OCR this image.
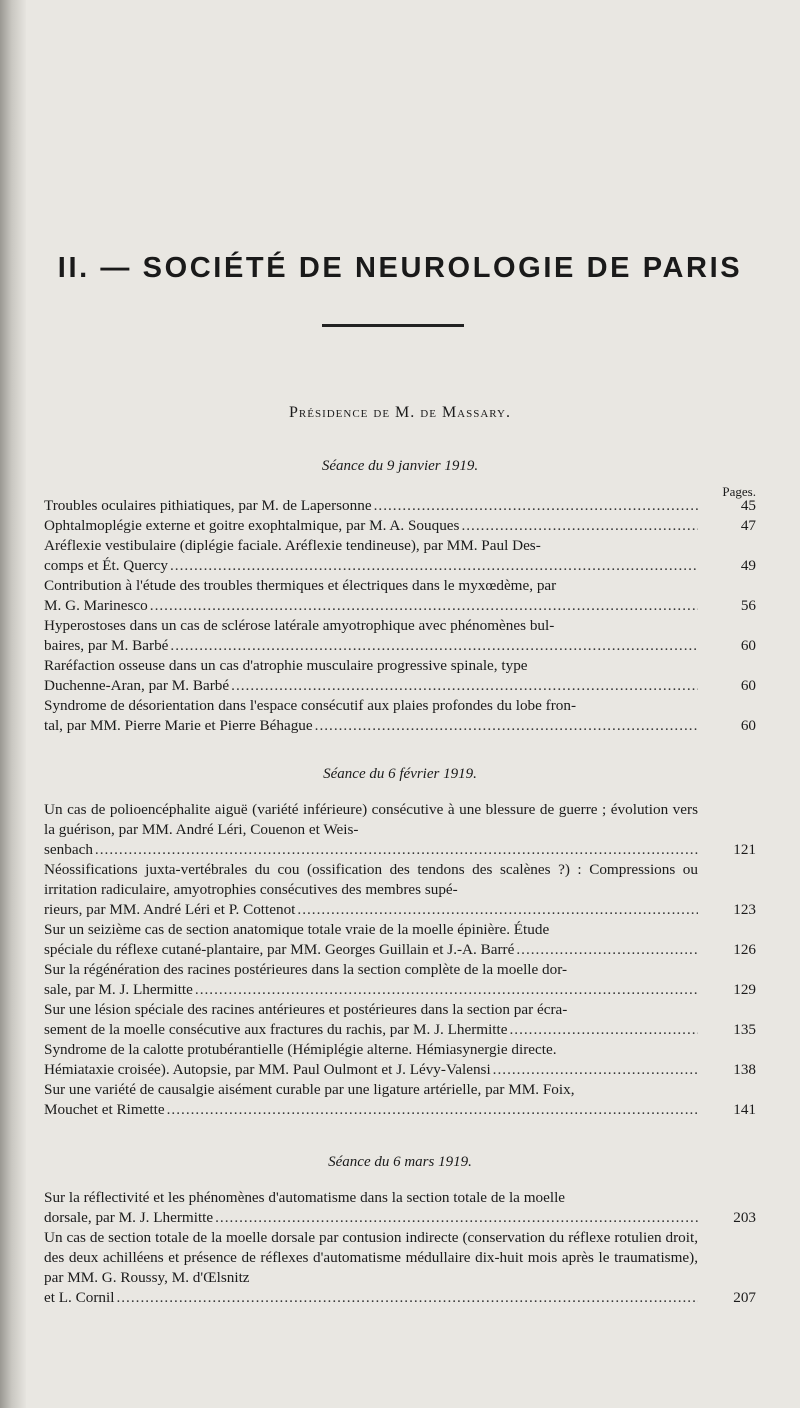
II. — SOCIÉTÉ DE NEUROLOGIE DE PARIS
Présidence de M. de Massary.
Séance du 9 janvier 1919.
Pages.
Troubles oculaires pithiatiques, par M. de Lapersonne .....	45
Ophtalmoplégie externe et goitre exophtalmique, par M. A. Souques .....	47
Aréflexie vestibulaire (diplégie faciale. Aréflexie tendineuse), par MM. Paul Des-
comps et Ét. Quercy .....	49
Contribution à l'étude des troubles thermiques et électriques dans le myxœdème, par
M. G. Marinesco .....	56
Hyperostoses dans un cas de sclérose latérale amyotrophique avec phénomènes bul-
baires, par M. Barbé .....	60
Raréfaction osseuse dans un cas d'atrophie musculaire progressive spinale, type
Duchenne-Aran, par M. Barbé .....	60
Syndrome de désorientation dans l'espace consécutif aux plaies profondes du lobe fron-
tal, par MM. Pierre Marie et Pierre Béhague .....	60
Séance du 6 février 1919.
Un cas de polioencéphalite aiguë (variété inférieure) consécutive à une blessure de guerre ; évolution vers la guérison, par MM. André Léri, Couenon et Weis-
senbach .....	121
Néossifications juxta-vertébrales du cou (ossification des tendons des scalènes ?) : Compressions ou irritation radiculaire, amyotrophies consécutives des membres supé-
rieurs, par MM. André Léri et P. Cottenot .....	123
Sur un seizième cas de section anatomique totale vraie de la moelle épinière. Étude
spéciale du réflexe cutané-plantaire, par MM. Georges Guillain et J.-A. Barré .....	126
Sur la régénération des racines postérieures dans la section complète de la moelle dor-
sale, par M. J. Lhermitte .....	129
Sur une lésion spéciale des racines antérieures et postérieures dans la section par écra-
sement de la moelle consécutive aux fractures du rachis, par M. J. Lhermitte .....	135
Syndrome de la calotte protubérantielle (Hémiplégie alterne. Hémiasynergie directe.
Hémiataxie croisée). Autopsie, par MM. Paul Oulmont et J. Lévy-Valensi .....	138
Sur une variété de causalgie aisément curable par une ligature artérielle, par MM. Foix,
Mouchet et Rimette .....	141
Séance du 6 mars 1919.
Sur la réflectivité et les phénomènes d'automatisme dans la section totale de la moelle
dorsale, par M. J. Lhermitte .....	203
Un cas de section totale de la moelle dorsale par contusion indirecte (conservation du réflexe rotulien droit, des deux achilléens et présence de réflexes d'automatisme médullaire dix-huit mois après le traumatisme), par MM. G. Roussy, M. d'Œlsnitz
et L. Cornil .....	207
